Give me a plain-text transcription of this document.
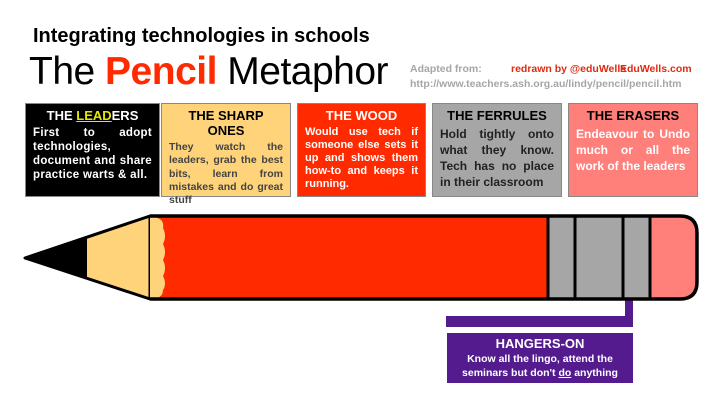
Integrating technologies in schools
The Pencil Metaphor Adapted from:	redrawn by @eduWells
EduWells.com
http://www.teachers.ash.org.au/lindy/pencil/pencil.htm
THE LEADERS

First to adopt technologies, document and share practice warts & all.

THE SHARP ONES

They watch the leaders, grab the best bits, learn from mistakes and do great stuff

THE WOOD

Would use tech if someone else sets it up and shows them how-to and keeps it running.

THE FERRULES

Hold tightly onto what they know. Tech has no place in their classroom

THE ERASERS

Endeavour to Undo much or all the work of the leaders

HANGERS-ON

Know all the lingo, attend the seminars but don't do anything
